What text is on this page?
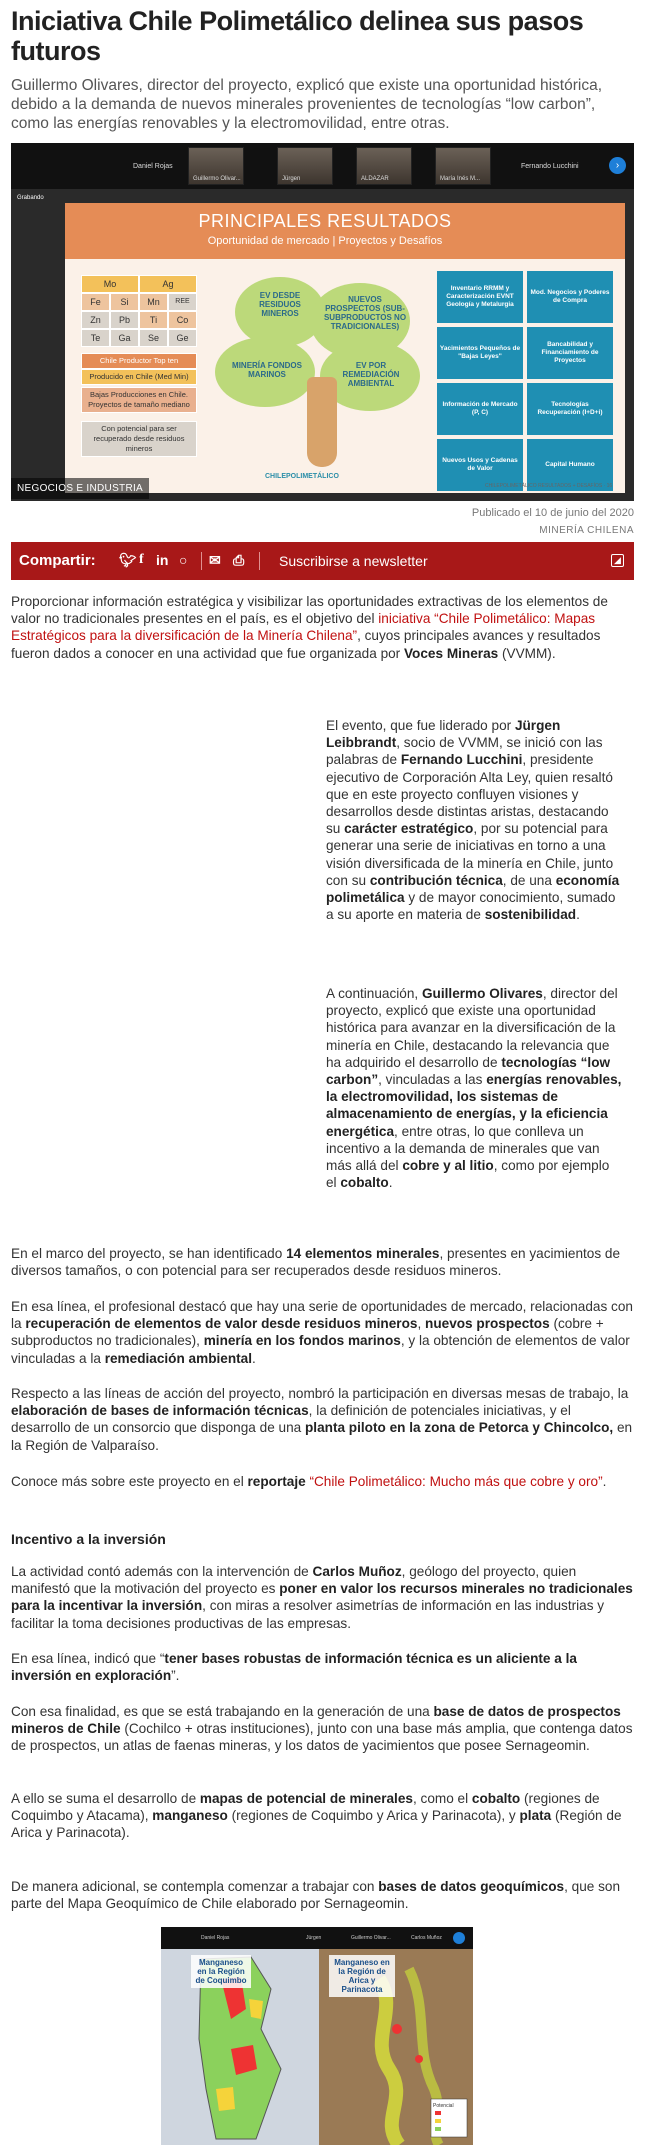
Iniciativa Chile Polimetálico delinea sus pasos futuros

Guillermo Olivares, director del proyecto, explicó que existe una oportunidad histórica, debido a la demanda de nuevos minerales provenientes de tecnologías “low carbon”, como las energías renovables y la electromovilidad, entre otras.

Daniel Rojas
Guillermo Olivar...	Jürgen	ALDAZAR	María Inés M...
Fernando Lucchini	›
Grabando
PRINCIPALES RESULTADOS
Oportunidad de mercado | Proyectos y Desafíos
Mo	Ag
Fe	Si	Mn	REE
Zn	Pb	Ti	Co
Te	Ga	Se	Ge
Chile Productor Top ten
Producido en Chile (Med Min)
Bajas Producciones en Chile. Proyectos de tamaño mediano
Con potencial para ser recuperado desde residuos mineros
EV DESDE RESIDUOS MINEROS
NUEVOS PROSPECTOS (SUB-SUBPRODUCTOS NO TRADICIONALES)
MINERÍA FONDOS MARINOS
EV POR REMEDIACIÓN AMBIENTAL
CHILEPOLIMETÁLICO
Inventario RRMM y Caracterización EVNT Geología y Metalurgia
Mod. Negocios y Poderes de Compra
Yacimientos Pequeños de "Bajas Leyes"
Bancabilidad y Financiamiento de Proyectos
Información de Mercado (P, C)
Tecnologías Recuperación (I+D+i)
Nuevos Usos y Cadenas de Valor
Capital Humano
CHILEPOLIMETÁLICO RESULTADOS + DESAFÍOS · 16
NEGOCIOS E INDUSTRIA
Publicado el 10 de junio del 2020
MINERÍA CHILENA
Compartir: 🐦︎ f in ○ ✉︎ ⎙ Suscribirse a newsletter	◢

Proporcionar información estratégica y visibilizar las oportunidades extractivas de los elementos de valor no tradicionales presentes en el país, es el objetivo del iniciativa “Chile Polimetálico: Mapas Estratégicos para la diversificación de la Minería Chilena”, cuyos principales avances y resultados fueron dados a conocer en una actividad que fue organizada por Voces Mineras (VVMM).

El evento, que fue liderado por Jürgen Leibbrandt, socio de VVMM, se inició con las palabras de Fernando Lucchini, presidente ejecutivo de Corporación Alta Ley, quien resaltó que en este proyecto confluyen visiones y desarrollos desde distintas aristas, destacando su carácter estratégico, por su potencial para generar una serie de iniciativas en torno a una visión diversificada de la minería en Chile, junto con su contribución técnica, de una economía polimetálica y de mayor conocimiento, sumado a su aporte en materia de sostenibilidad.

A continuación, Guillermo Olivares, director del proyecto, explicó que existe una oportunidad histórica para avanzar en la diversificación de la minería en Chile, destacando la relevancia que ha adquirido el desarrollo de tecnologías “low carbon”, vinculadas a las energías renovables, la electromovilidad, los sistemas de almacenamiento de energías, y la eficiencia energética, entre otras, lo que conlleva un incentivo a la demanda de minerales que van más allá del cobre y al litio, como por ejemplo el cobalto.

En el marco del proyecto, se han identificado 14 elementos minerales, presentes en yacimientos de diversos tamaños, o con potencial para ser recuperados desde residuos mineros.

En esa línea, el profesional destacó que hay una serie de oportunidades de mercado, relacionadas con la recuperación de elementos de valor desde residuos mineros, nuevos prospectos (cobre + subproductos no tradicionales), minería en los fondos marinos, y la obtención de elementos de valor vinculadas a la remediación ambiental.

Respecto a las líneas de acción del proyecto, nombró la participación en diversas mesas de trabajo, la elaboración de bases de información técnicas, la definición de potenciales iniciativas, y el desarrollo de un consorcio que disponga de una planta piloto en la zona de Petorca y Chincolco, en la Región de Valparaíso.

Conoce más sobre este proyecto en el reportaje “Chile Polimetálico: Mucho más que cobre y oro”.

Incentivo a la inversión

La actividad contó además con la intervención de Carlos Muñoz, geólogo del proyecto, quien manifestó que la motivación del proyecto es poner en valor los recursos minerales no tradicionales para la incentivar la inversión, con miras a resolver asimetrías de información en las industrias y facilitar la toma decisiones productivas de las empresas.

En esa línea, indicó que “tener bases robustas de información técnica es un aliciente a la inversión en exploración”.

Con esa finalidad, es que se está trabajando en la generación de una base de datos de prospectos mineros de Chile (Cochilco + otras instituciones), junto con una base más amplia, que contenga datos de prospectos, un atlas de faenas mineras, y los datos de yacimientos que posee Sernageomin.

A ello se suma el desarrollo de mapas de potencial de minerales, como el cobalto (regiones de Coquimbo y Atacama), manganeso (regiones de Coquimbo y Arica y Parinacota), y plata (Región de Arica y Parinacota).

De manera adicional, se contempla comenzar a trabajar con bases de datos geoquímicos, que son parte del Mapa Geoquímico de Chile elaborado por Sernageomin.

Daniel Rojas	Jürgen	Guillermo Olivar...	Carlos Muñoz
Manganeso en la Región de Coquimbo
Potencial
Manganeso en la Región de Arica y Parinacota
